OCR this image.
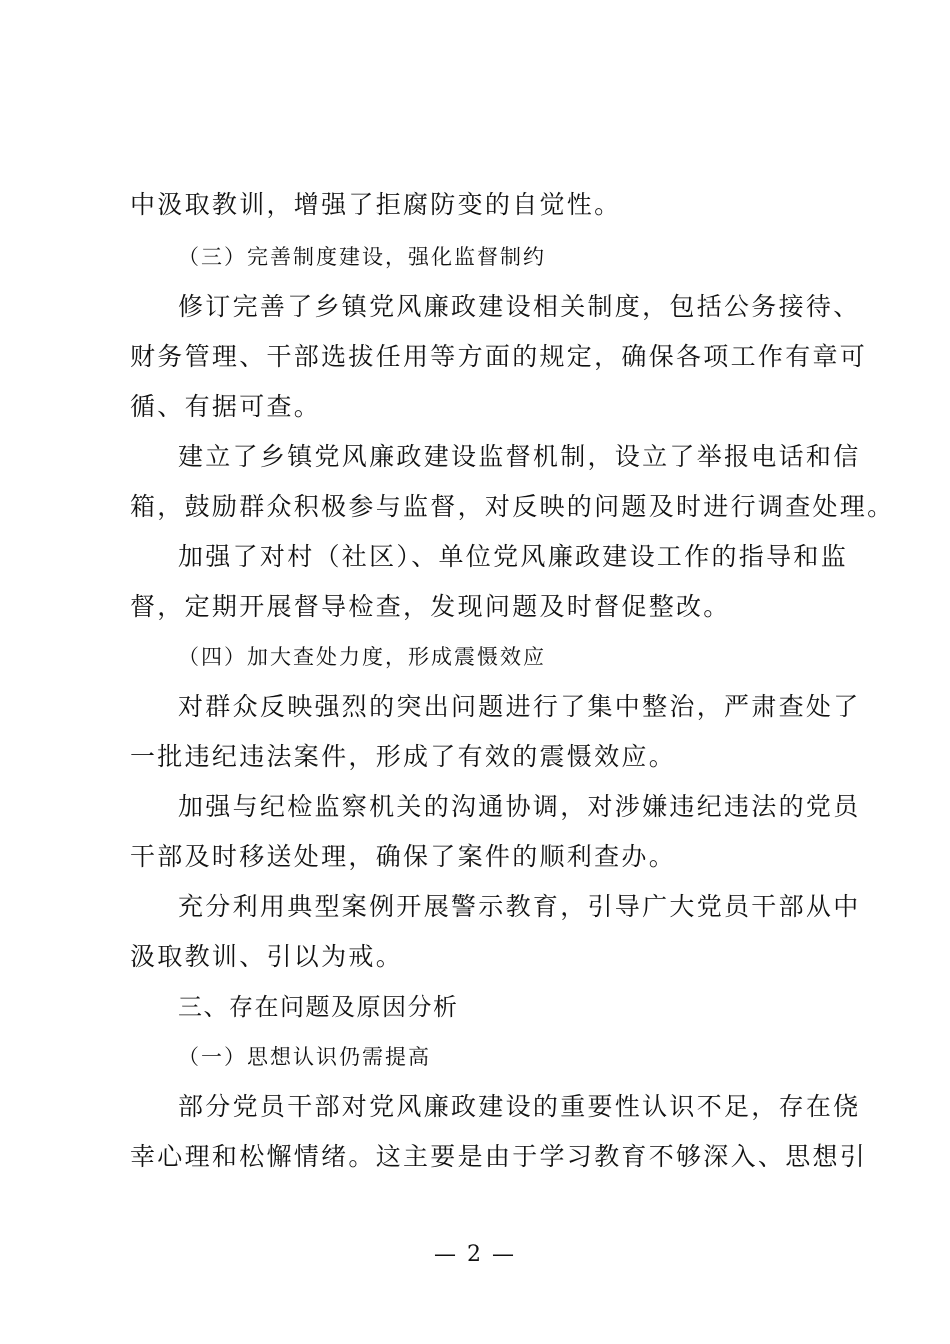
中汲取教训，增强了拒腐防变的自觉性。
（三）完善制度建设，强化监督制约
修订完善了乡镇党风廉政建设相关制度，包括公务接待、
财务管理、干部选拔任用等方面的规定，确保各项工作有章可
循、有据可查。
建立了乡镇党风廉政建设监督机制，设立了举报电话和信
箱，鼓励群众积极参与监督，对反映的问题及时进行调查处理。
加强了对村（社区）、单位党风廉政建设工作的指导和监
督，定期开展督导检查，发现问题及时督促整改。
（四）加大查处力度，形成震慑效应
对群众反映强烈的突出问题进行了集中整治，严肃查处了
一批违纪违法案件，形成了有效的震慑效应。
加强与纪检监察机关的沟通协调，对涉嫌违纪违法的党员
干部及时移送处理，确保了案件的顺利查办。
充分利用典型案例开展警示教育，引导广大党员干部从中
汲取教训、引以为戒。
三、存在问题及原因分析
（一）思想认识仍需提高
部分党员干部对党风廉政建设的重要性认识不足，存在侥
幸心理和松懈情绪。这主要是由于学习教育不够深入、思想引
— 2 —
